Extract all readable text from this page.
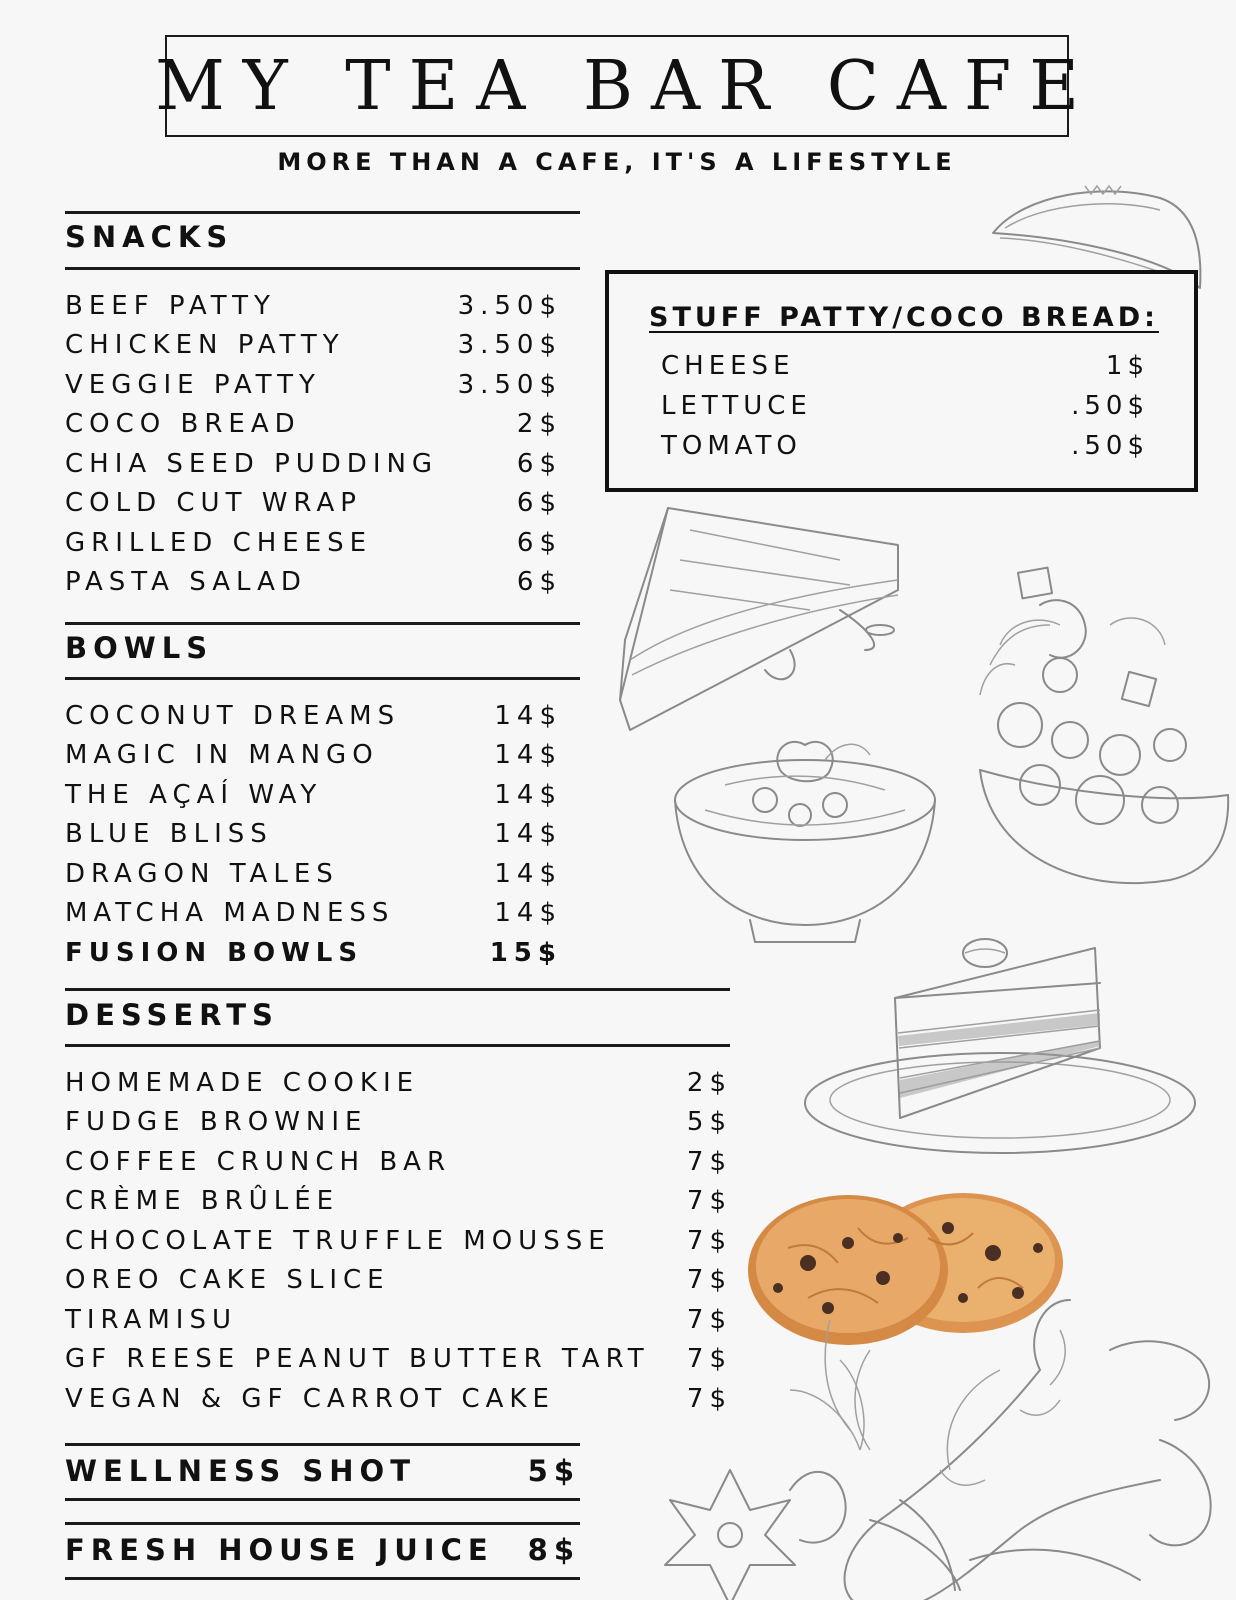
MY TEA BAR CAFE
MORE THAN A CAFE, IT'S A LIFESTYLE
SNACKS
BEEF PATTY	3.50$
CHICKEN PATTY	3.50$
VEGGIE PATTY	3.50$
COCO BREAD	2$
CHIA SEED PUDDING	6$
COLD CUT WRAP	6$
GRILLED CHEESE	6$
PASTA SALAD	6$
BOWLS
COCONUT DREAMS	14$
MAGIC IN MANGO	14$
THE AÇAÍ WAY	14$
BLUE BLISS	14$
DRAGON TALES	14$
MATCHA MADNESS	14$
FUSION BOWLS	15$
DESSERTS
HOMEMADE COOKIE	2$
FUDGE BROWNIE	5$
COFFEE CRUNCH BAR	7$
CRÈME BRÛLÉE	7$
CHOCOLATE TRUFFLE MOUSSE	7$
OREO CAKE SLICE	7$
TIRAMISU	7$
GF REESE PEANUT BUTTER TART 7$
VEGAN & GF CARROT CAKE	7$
WELLNESS SHOT	5$
FRESH HOUSE JUICE 8$
STUFF PATTY/COCO BREAD:
CHEESE	1$
LETTUCE	.50$
TOMATO	.50$
